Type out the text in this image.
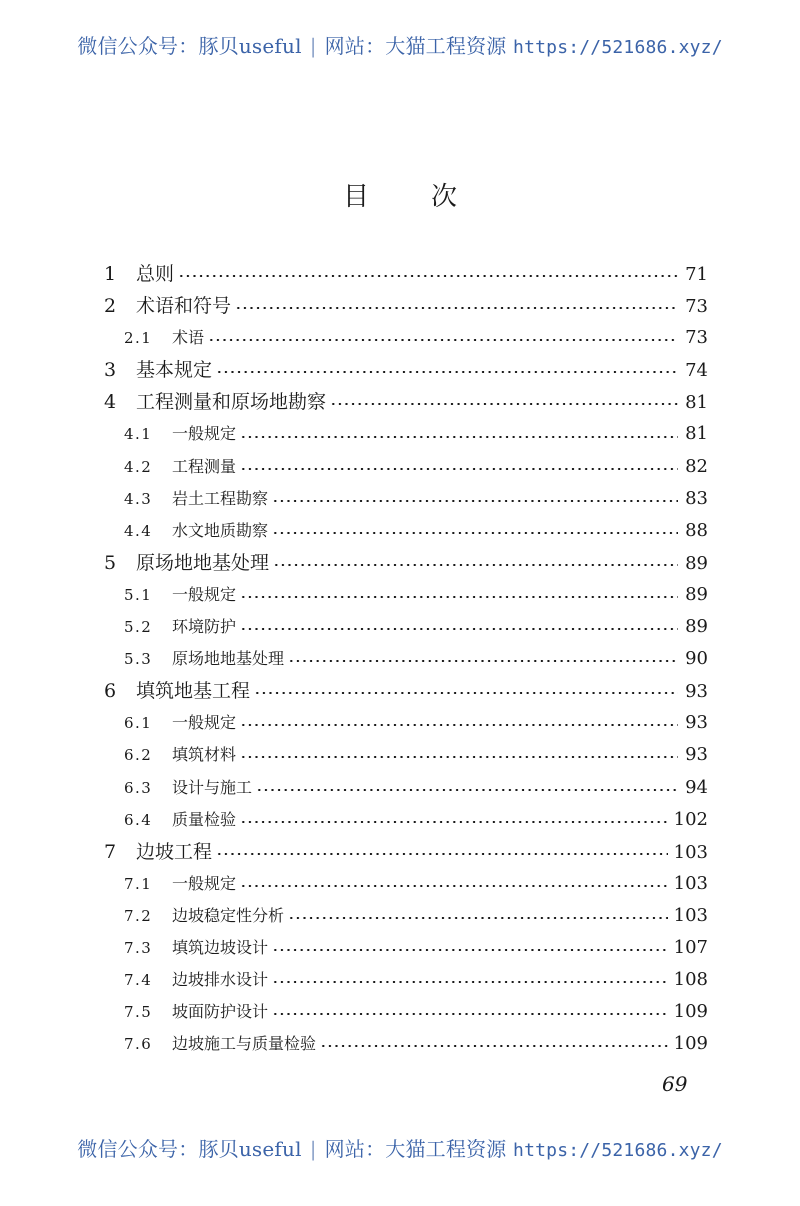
微信公众号：豚贝useful | 网站：大猫工程资源 https://521686.xyz/
目次
1	总则	71
2	术语和符号	73
2.1	术语	73
3	基本规定	74
4	工程测量和原场地勘察	81
4.1	一般规定	81
4.2	工程测量	82
4.3	岩土工程勘察	83
4.4	水文地质勘察	88
5	原场地地基处理	89
5.1	一般规定	89
5.2	环境防护	89
5.3	原场地地基处理	90
6	填筑地基工程	93
6.1	一般规定	93
6.2	填筑材料	93
6.3	设计与施工	94
6.4	质量检验	102
7	边坡工程	103
7.1	一般规定	103
7.2	边坡稳定性分析	103
7.3	填筑边坡设计	107
7.4	边坡排水设计	108
7.5	坡面防护设计	109
7.6	边坡施工与质量检验	109
69
微信公众号：豚贝useful | 网站：大猫工程资源 https://521686.xyz/
